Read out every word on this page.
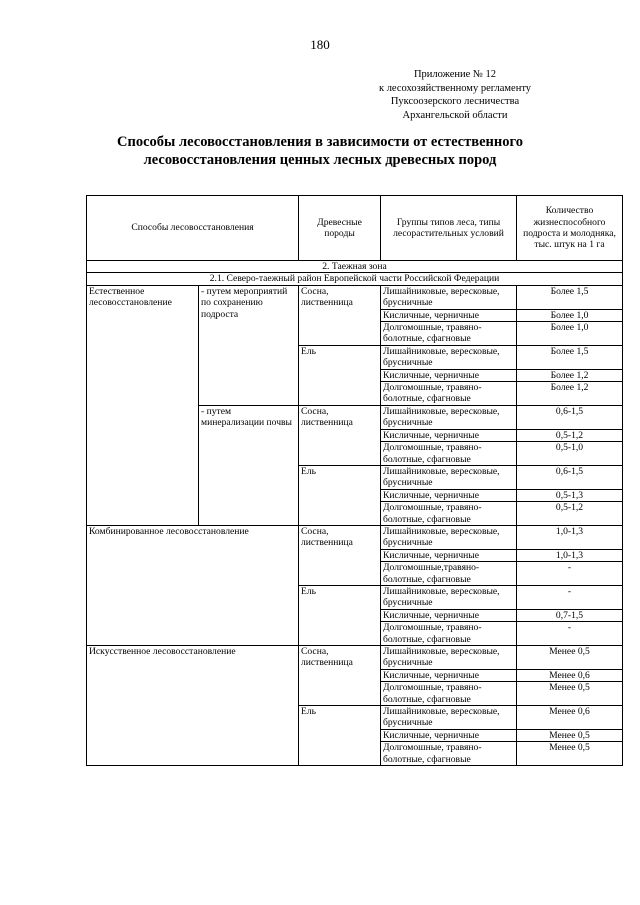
180
Приложение № 12
к лесохозяйственному регламенту
Пуксоозерского лесничества
Архангельской области
Способы лесовосстановления в зависимости от естественного
лесовосстановления ценных лесных древесных пород
Способы лесовосстановления		Древесные породы	Группы типов леса, типы лесорастительных условий	Количество жизнеспособного подроста и молодняка, тыс. штук на 1 га
2. Таежная зона				
2.1. Северо-таежный район Европейской части Российской Федерации				
Естественное лесовосстановление	- путем мероприятий по сохранению подроста	Сосна, лиственница	Лишайниковые, вересковые, брусничные	Более 1,5
			Кисличные, черничные	Более 1,0
			Долгомошные, травяно-болотные, сфагновые	Более 1,0
		Ель	Лишайниковые, вересковые, брусничные	Более 1,5
			Кисличные, черничные	Более 1,2
			Долгомошные, травяно-болотные, сфагновые	Более 1,2
	- путем минерализации почвы	Сосна, лиственница	Лишайниковые, вересковые, брусничные	0,6-1,5
			Кисличные, черничные	0,5-1,2
			Долгомошные, травяно-болотные, сфагновые	0,5-1,0
		Ель	Лишайниковые, вересковые, брусничные	0,6-1,5
			Кисличные, черничные	0,5-1,3
			Долгомошные, травяно-болотные, сфагновые	0,5-1,2
Комбинированное лесовосстановление		Сосна, лиственница	Лишайниковые, вересковые, брусничные	1,0-1,3
			Кисличные, черничные	1,0-1,3
			Долгомошные,травяно-болотные, сфагновые	-
		Ель	Лишайниковые, вересковые, брусничные	-
			Кисличные, черничные	0,7-1,5
			Долгомошные, травяно-болотные, сфагновые	-
Искусственное лесовосстановление		Сосна, лиственница	Лишайниковые, вересковые, брусничные	Менее 0,5
			Кисличные, черничные	Менее 0,6
			Долгомошные, травяно-болотные, сфагновые	Менее 0,5
		Ель	Лишайниковые, вересковые, брусничные	Менее 0,6
			Кисличные, черничные	Менее 0,5
			Долгомошные, травяно-болотные, сфагновые	Менее 0,5
